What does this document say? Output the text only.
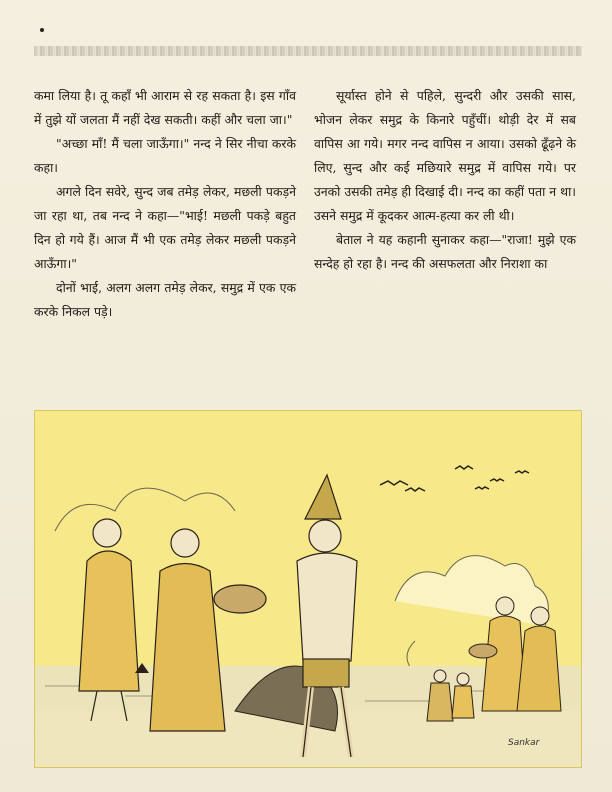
कमा लिया है। तू कहाँ भी आराम से रह सकता है। इस गाँव में तुझे यों जलता मैं नहीं देख सकती। कहीं और चला जा।"

"अच्छा माँ! मैं चला जाऊँगा।" नन्द ने सिर नीचा करके कहा।

अगले दिन सवेरे, सुन्द जब तमेड़ लेकर, मछली पकड़ने जा रहा था, तब नन्द ने कहा—"भाई! मछली पकड़े बहुत दिन हो गये हैं। आज मैं भी एक तमेड़ लेकर मछली पकड़ने आऊँगा।"

दोनों भाई, अलग अलग तमेड़ लेकर, समुद्र में एक एक करके निकल पड़े।

सूर्यास्त होने से पहिले, सुन्दरी और उसकी सास, भोजन लेकर समुद्र के किनारे पहुँचीं। थोड़ी देर में सब वापिस आ गये। मगर नन्द वापिस न आया। उसको ढूँढ़ने के लिए, सुन्द और कई मछियारे समुद्र में वापिस गये। पर उनको उसकी तमेड़ ही दिखाई दी। नन्द का कहीं पता न था। उसने समुद्र में कूदकर आत्म-हत्या कर ली थी।

बेताल ने यह कहानी सुनाकर कहा—"राजा! मुझे एक सन्देह हो रहा है। नन्द की असफलता और निराशा का

Sankar
